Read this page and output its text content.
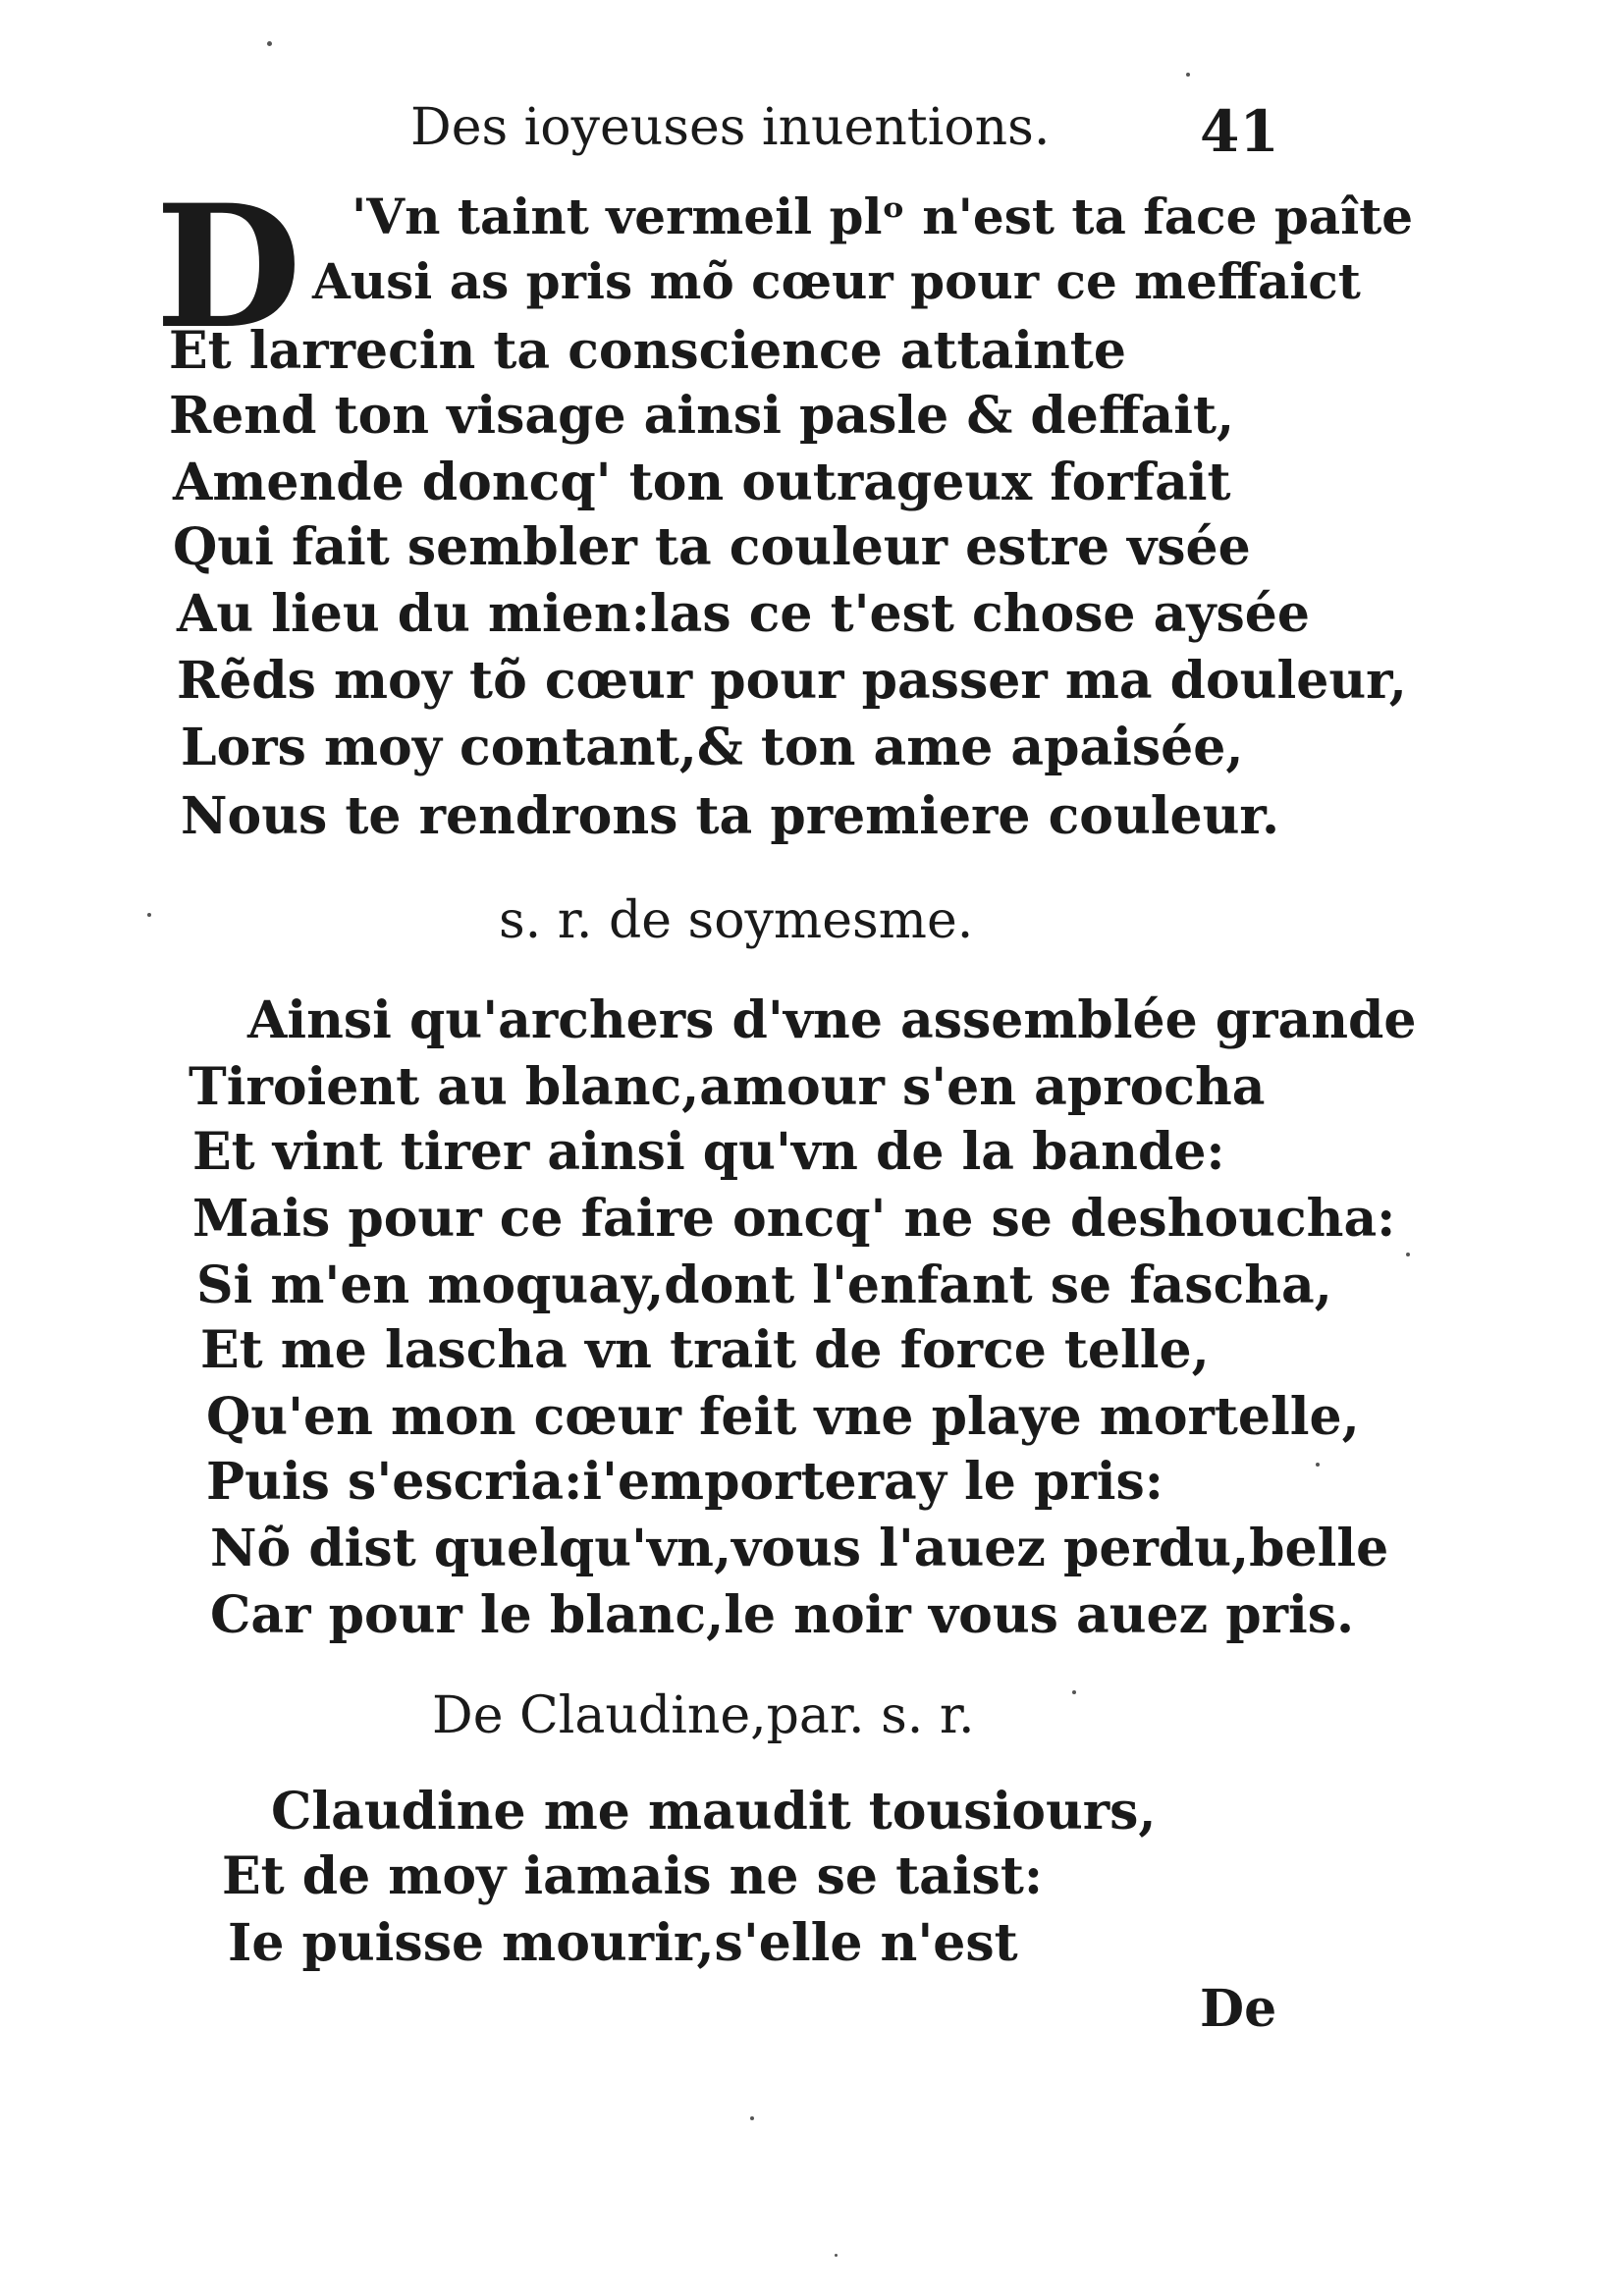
Des ioyeuses inuentions.	41
D 'Vn taint vermeil plᵒ n'est ta face paîte
Ausi as pris mõ cœur pour ce meffaict
Et larrecin ta conscience attainte
Rend ton visage ainsi pasle & deffait,
Amende doncq' ton outrageux forfait
Qui fait sembler ta couleur estre vsée
Au lieu du mien:las ce t'est chose aysée
Rẽds moy tõ cœur pour passer ma douleur,
Lors moy contant,& ton ame apaisée,
Nous te rendrons ta premiere couleur.
s. r. de soymesme.
Ainsi qu'archers d'vne assemblée grande
Tiroient au blanc,amour s'en aprocha
Et vint tirer ainsi qu'vn de la bande:
Mais pour ce faire oncq' ne se deshoucha:
Si m'en moquay,dont l'enfant se fascha,
Et me lascha vn trait de force telle,
Qu'en mon cœur feit vne playe mortelle,
Puis s'escria:i'emporteray le pris:
Nõ dist quelqu'vn,vous l'auez perdu,belle
Car pour le blanc,le noir vous auez pris.
De Claudine,par. s. r.
Claudine me maudit tousiours,
Et de moy iamais ne se taist:
Ie puisse mourir,s'elle n'est
De
